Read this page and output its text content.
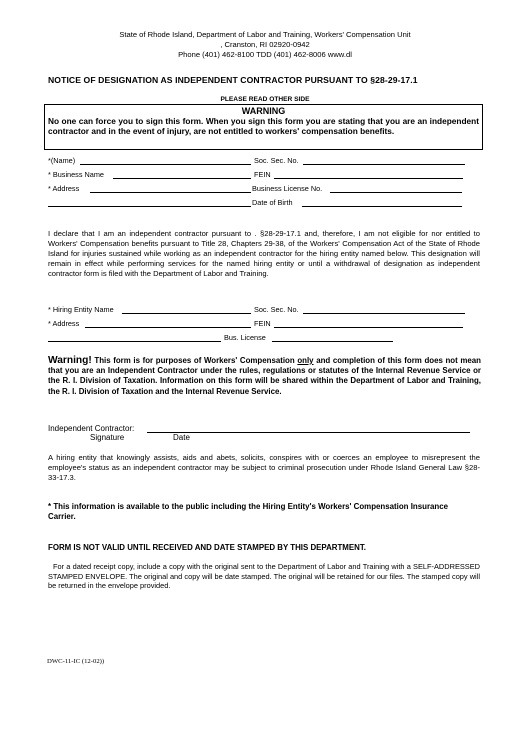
State of Rhode Island, Department of Labor and Training, Workers' Compensation Unit
, Cranston, RI 02920-0942
Phone (401) 462-8100 TDD (401) 462-8006 www.dl
NOTICE OF DESIGNATION AS INDEPENDENT CONTRACTOR PURSUANT TO §28-29-17.1
PLEASE READ OTHER SIDE
WARNING
No one can force you to sign this form. When you sign this form you are stating that you are an independent contractor and in the event of injury, are not entitled to workers' compensation benefits.
*(Name)	Soc. Sec. No.
* Business Name	FEIN
* Address	Business License No.
Date of Birth
I declare that I am an independent contractor pursuant to . §28-29-17.1 and, therefore, I am not eligible for nor entitled to Workers' Compensation benefits pursuant to Title 28, Chapters 29-38, of the Workers' Compensation Act of the State of Rhode Island for injuries sustained while working as an independent contractor for the hiring entity named below. This designation will remain in effect while performing services for the named hiring entity or until a withdrawal of designation as independent contractor form is filed with the Department of Labor and Training.
* Hiring Entity Name	Soc. Sec. No.
* Address	FEIN
Bus. License
Warning! This form is for purposes of Workers' Compensation only and completion of this form does not mean that you are an Independent Contractor under the rules, regulations or statutes of the Internal Revenue Service or the R. I. Division of Taxation. Information on this form will be shared within the Department of Labor and Training, the R. I. Division of Taxation and the Internal Revenue Service.
Independent Contractor:
Signature	Date
A hiring entity that knowingly assists, aids and abets, solicits, conspires with or coerces an employee to misrepresent the employee's status as an independent contractor may be subject to criminal prosecution under Rhode Island General Law §28-33-17.3.
* This information is available to the public including the Hiring Entity's Workers' Compensation Insurance Carrier.
FORM IS NOT VALID UNTIL RECEIVED AND DATE STAMPED BY THIS DEPARTMENT.
For a dated receipt copy, include a copy with the original sent to the Department of Labor and Training with a SELF-ADDRESSED STAMPED ENVELOPE. The original and copy will be date stamped. The original will be retained for our files. The stamped copy will be returned in the envelope provided.
DWC-11-IC (12-02))
